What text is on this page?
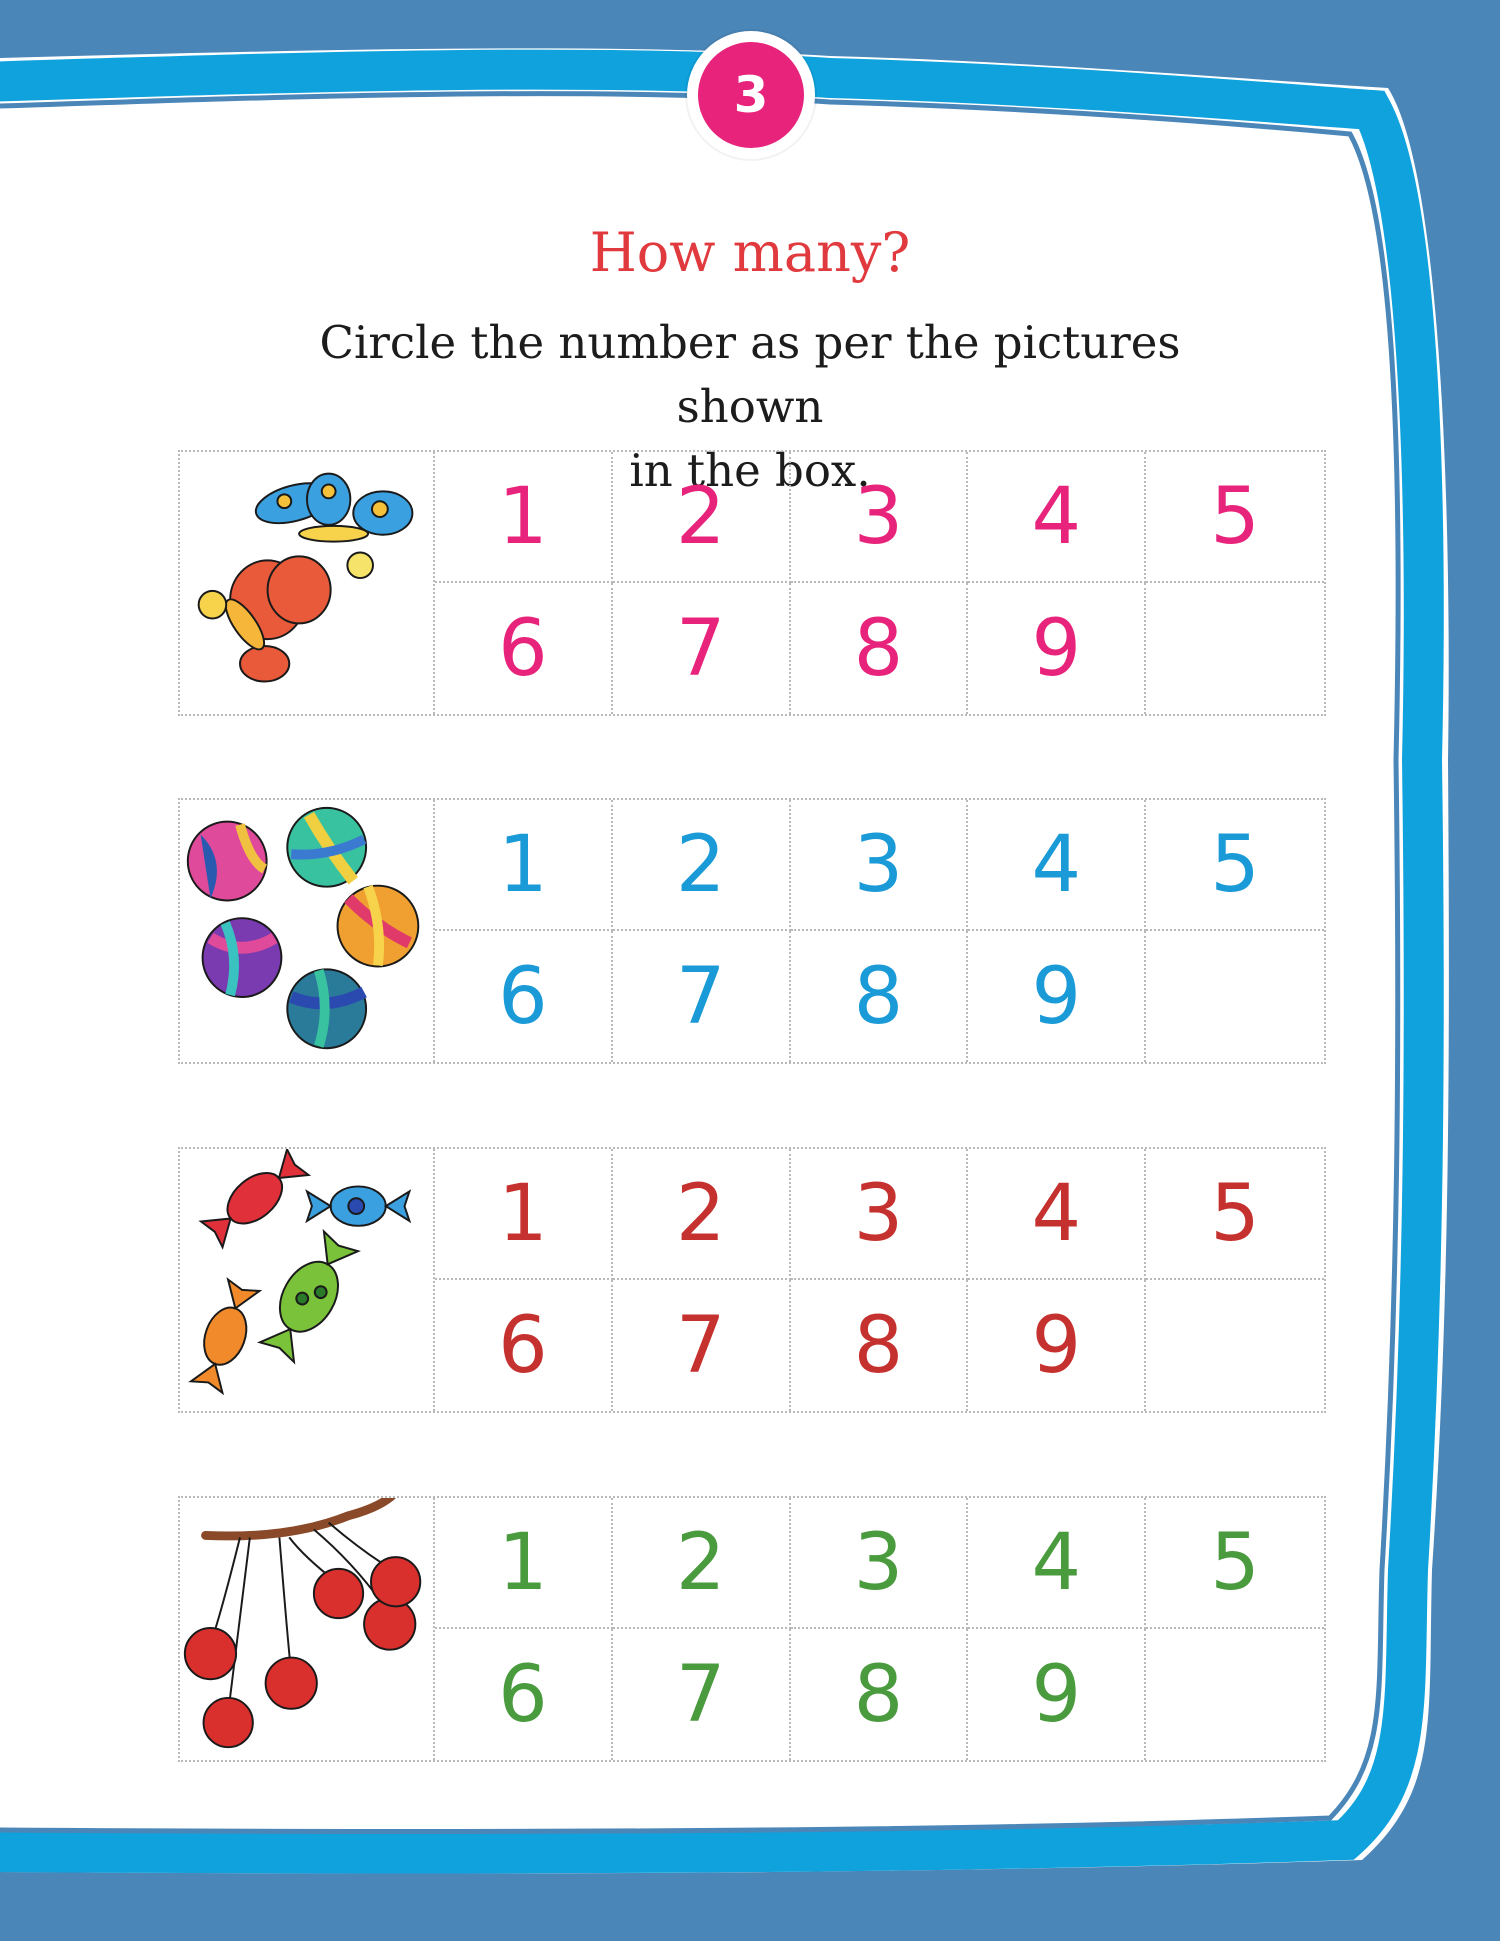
3
How many?
Circle the number as per the pictures shown
in the box.
1	2	3	4	5
6	7	8	9
1	2	3	4	5
6	7	8	9
1	2	3	4	5
6	7	8	9
1	2	3	4	5
6	7	8	9
